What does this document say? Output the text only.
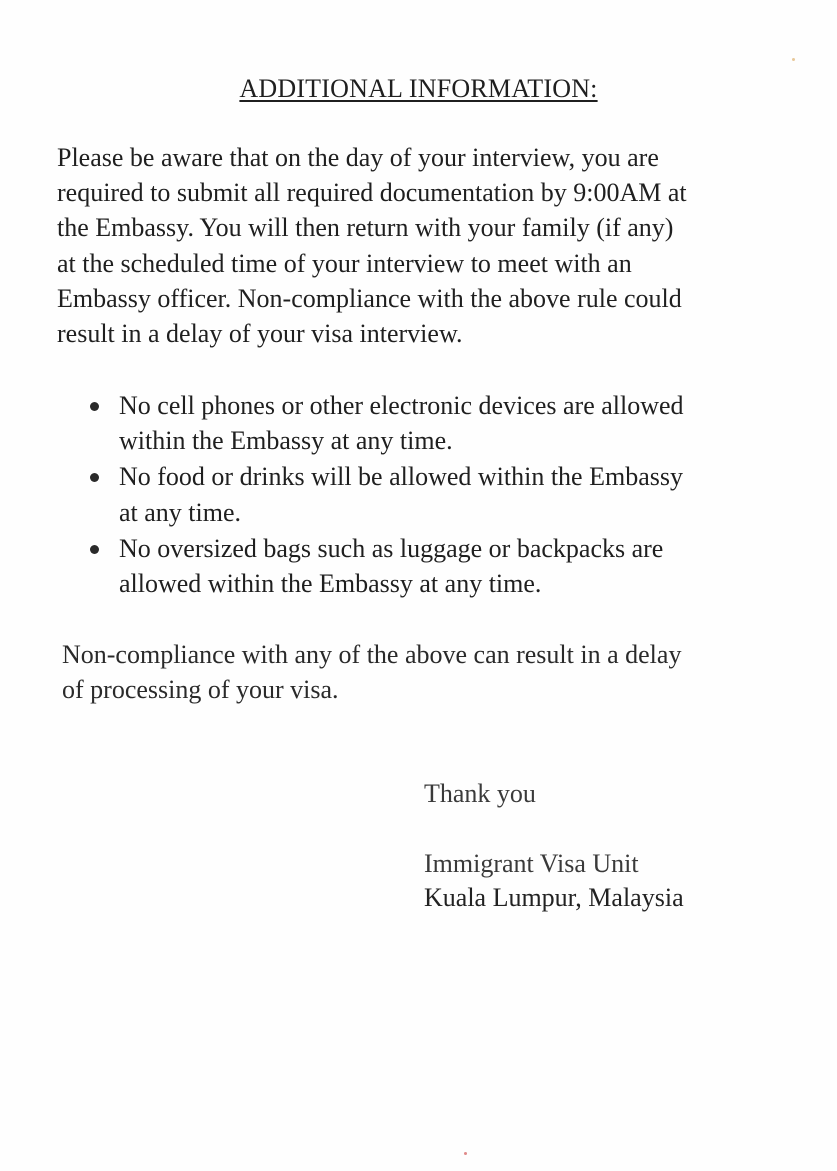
ADDITIONAL INFORMATION:

Please be aware that on the day of your interview, you are
required to submit all required documentation by 9:00AM at
the Embassy. You will then return with your family (if any)
at the scheduled time of your interview to meet with an
Embassy officer. Non-compliance with the above rule could
result in a delay of your visa interview.

No cell phones or other electronic devices are allowed
within the Embassy at any time.
No food or drinks will be allowed within the Embassy
at any time.
No oversized bags such as luggage or backpacks are
allowed within the Embassy at any time.

Non-compliance with any of the above can result in a delay
of processing of your visa.

Thank you
Immigrant Visa Unit
Kuala Lumpur, Malaysia
